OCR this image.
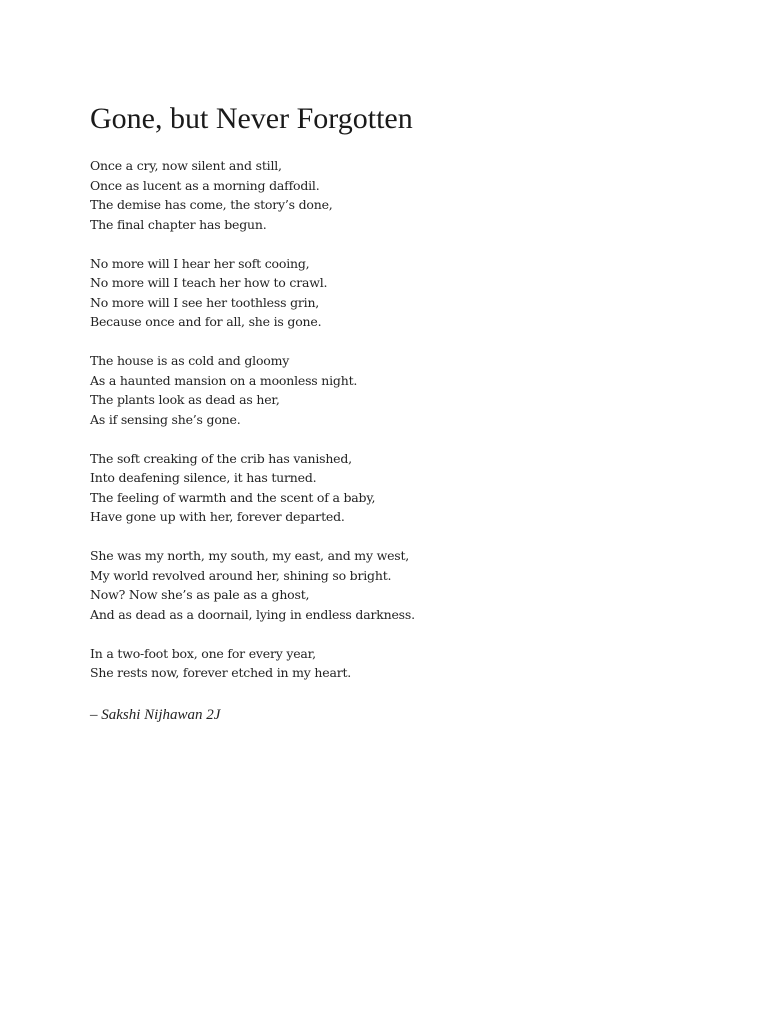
Gone, but Never Forgotten
Once a cry, now silent and still,
Once as lucent as a morning daffodil.
The demise has come, the story’s done,
The final chapter has begun.
No more will I hear her soft cooing,
No more will I teach her how to crawl.
No more will I see her toothless grin,
Because once and for all, she is gone.
The house is as cold and gloomy
As a haunted mansion on a moonless night.
The plants look as dead as her,
As if sensing she’s gone.
The soft creaking of the crib has vanished,
Into deafening silence, it has turned.
The feeling of warmth and the scent of a baby,
Have gone up with her, forever departed.
She was my north, my south, my east, and my west,
My world revolved around her, shining so bright.
Now? Now she’s as pale as a ghost,
And as dead as a doornail, lying in endless darkness.
In a two-foot box, one for every year,
She rests now, forever etched in my heart.
– Sakshi Nijhawan 2J
